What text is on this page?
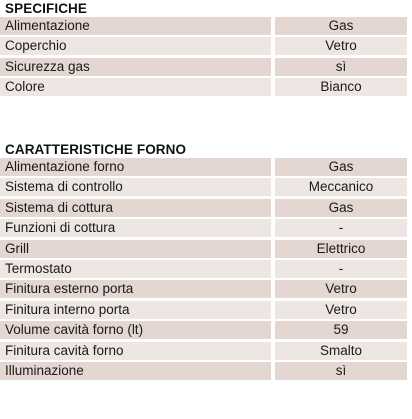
SPECIFICHE
Alimentazione	Gas
Coperchio	Vetro
Sicurezza gas	sì
Colore	Bianco
CARATTERISTICHE FORNO
Alimentazione forno	Gas
Sistema di controllo	Meccanico
Sistema di cottura	Gas
Funzioni di cottura	-
Grill	Elettrico
Termostato	-
Finitura esterno porta	Vetro
Finitura interno porta	Vetro
Volume cavità forno (lt)	59
Finitura cavità forno	Smalto
Illuminazione	sì
